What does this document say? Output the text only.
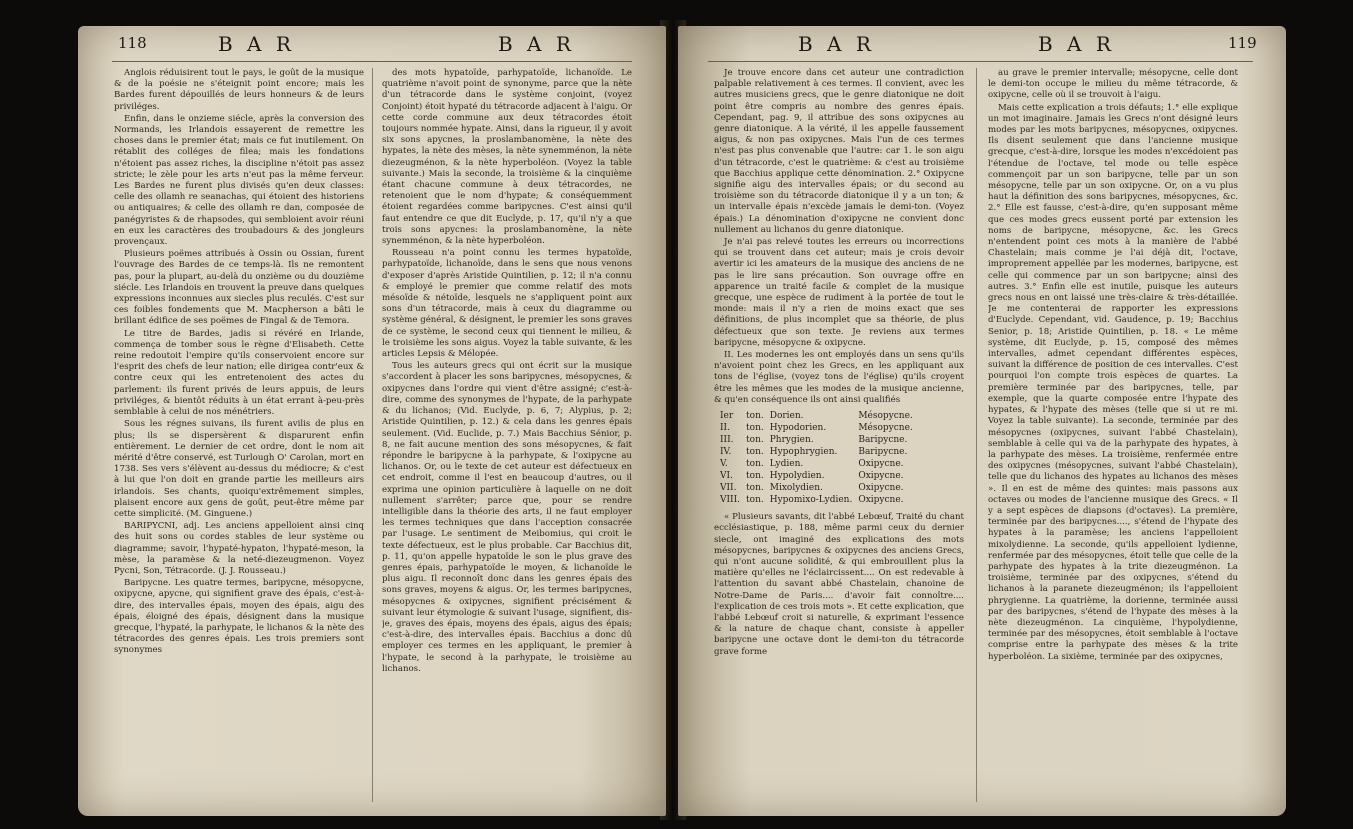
118	B A R	B A R

Anglois réduisirent tout le pays, le goût de la musique & de la poésie ne s'éteignit point encore; mais les Bardes furent dépouillés de leurs honneurs & de leurs priviléges.

Enfin, dans le onzieme siécle, après la conversion des Normands, les Irlandois essayerent de remettre les choses dans le premier état; mais ce fut inutilement. On rétablit des colléges de filea; mais les fondations n'étoient pas assez riches, la discipline n'étoit pas assez stricte; le zèle pour les arts n'eut pas la même ferveur. Les Bardes ne furent plus divisés qu'en deux classes: celle des ollamh re seanachas, qui étoient des historiens ou antiquaires; & celle des ollamh re dan, composée de panégyristes & de rhapsodes, qui sembloient avoir réuni en eux les caractères des troubadours & des jongleurs provençaux.

Plusieurs poëmes attribués à Ossin ou Ossian, furent l'ouvrage des Bardes de ce temps-là. Ils ne remontent pas, pour la plupart, au-delà du onzième ou du douzième siécle. Les Irlandois en trouvent la preuve dans quelques expressions inconnues aux siecles plus reculés. C'est sur ces foibles fondements que M. Macpherson a bâti le brillant édifice de ses poëmes de Fingal & de Temora.

Le titre de Bardes, jadis si révéré en Irlande, commença de tomber sous le règne d'Elisabeth. Cette reine redoutoit l'empire qu'ils conservoient encore sur l'esprit des chefs de leur nation; elle dirigea contr'eux & contre ceux qui les entretenoient des actes du parlement: ils furent privés de leurs appuis, de leurs priviléges, & bientôt réduits à un état errant à-peu-près semblable à celui de nos ménétriers.

Sous les régnes suivans, ils furent avilis de plus en plus; ils se dispersèrent & disparurent enfin entièrement. Le dernier de cet ordre, dont le nom ait mérité d'être conservé, est Turlough O' Carolan, mort en 1738. Ses vers s'élèvent au-dessus du médiocre; & c'est à lui que l'on doit en grande partie les meilleurs airs irlandois. Ses chants, quoiqu'extrêmement simples, plaisent encore aux gens de goût, peut-être même par cette simplicité. (M. Ginguene.)

BARIPYCNI, adj. Les anciens appelloient ainsi cinq des huit sons ou cordes stables de leur système ou diagramme; savoir, l'hypaté-hypaton, l'hypaté-meson, la mèse, la paramèse & la neté-diezeugmenon. Voyez Pycni, Son, Tétracorde. (J. J. Rousseau.)

Baripycne. Les quatre termes, baripycne, mésopycne, oxipycne, apycne, qui signifient grave des épais, c'est-à-dire, des intervalles épais, moyen des épais, aigu des épais, éloigné des épais, désignent dans la musique grecque, l'hypaté, la parhypate, le lichanos & la nète des tétracordes des genres épais. Les trois premiers sont synonymes

des mots hypatoïde, parhypatoïde, lichanoïde. Le quatrième n'avoit point de synonyme, parce que la nète d'un tétracorde dans le système conjoint, (voyez Conjoint) étoit hypaté du tétracorde adjacent à l'aigu. Or cette corde commune aux deux tétracordes étoit toujours nommée hypate. Ainsi, dans la rigueur, il y avoit six sons apycnes, la proslambanomène, la nète des hypates, la nète des mèses, la nète synemménon, la nète diezeugménon, & la nète hyperboléon. (Voyez la table suivante.) Mais la seconde, la troisième & la cinquième étant chacune commune à deux tétracordes, ne retenoient que le nom d'hypate; & conséquemment étoient regardées comme baripycnes. C'est ainsi qu'il faut entendre ce que dit Euclyde, p. 17, qu'il n'y a que trois sons apycnes: la proslambanomène, la nète synemménon, & la nète hyperboléon.

Rousseau n'a point connu les termes hypatoïde, parhypatoïde, lichanoïde, dans le sens que nous venons d'exposer d'après Aristide Quintilien, p. 12; il n'a connu & employé le premier que comme relatif des mots mésoïde & nétoïde, lesquels ne s'appliquent point aux sons d'un tétracorde, mais à ceux du diagramme ou système général, & désignent, le premier les sons graves de ce système, le second ceux qui tiennent le milieu, & le troisième les sons aigus. Voyez la table suivante, & les articles Lepsis & Mélopée.

Tous les auteurs grecs qui ont écrit sur la musique s'accordent à placer les sons baripycnes, mésopycnes, & oxipycnes dans l'ordre qui vient d'être assigné; c'est-à-dire, comme des synonymes de l'hypate, de la parhypate & du lichanos; (Vid. Euclyde, p. 6, 7; Alypius, p. 2; Aristide Quintilien, p. 12.) & cela dans les genres épais seulement. (Vid. Euclide, p. 7.) Mais Bacchius Sénior, p. 8, ne fait aucune mention des sons mésopycnes, & fait répondre le baripycne à la parhypate, & l'oxipycne au lichanos. Or, ou le texte de cet auteur est défectueux en cet endroit, comme il l'est en beaucoup d'autres, ou il exprima une opinion particulière à laquelle on ne doit nullement s'arrêter; parce que, pour se rendre intelligible dans la théorie des arts, il ne faut employer les termes techniques que dans l'acception consacrée par l'usage. Le sentiment de Meibomius, qui croit le texte défectueux, est le plus probable. Car Bacchius dit, p. 11, qu'on appelle hypatoïde le son le plus grave des genres épais, parhypatoïde le moyen, & lichanoïde le plus aigu. Il reconnoît donc dans les genres épais des sons graves, moyens & aigus. Or, les termes baripycnes, mésopycnes & oxipycnes, signifient précisément & suivant leur étymologie & suivant l'usage, signifient, dis-je, graves des épais, moyens des épais, aigus des épais; c'est-à-dire, des intervalles épais. Bacchius a donc dû employer ces termes en les appliquant, le premier à l'hypate, le second à la parhypate, le troisième au lichanos.

B A R	B A R	119

Je trouve encore dans cet auteur une contradiction palpable relativement à ces termes. Il convient, avec les autres musiciens grecs, que le genre diatonique ne doit point être compris au nombre des genres épais. Cependant, pag. 9, il attribue des sons oxipycnes au genre diatonique. A la vérité, il les appelle faussement aigus, & non pas oxipycnes. Mais l'un de ces termes n'est pas plus convenable que l'autre: car 1. le son aigu d'un tétracorde, c'est le quatrième: & c'est au troisième que Bacchius applique cette dénomination. 2.° Oxipycne signifie aigu des intervalles épais; or du second au troisième son du tétracorde diatonique il y a un ton; & un intervalle épais n'excède jamais le demi-ton. (Voyez épais.) La dénomination d'oxipycne ne convient donc nullement au lichanos du genre diatonique.

Je n'ai pas relevé toutes les erreurs ou incorrections qui se trouvent dans cet auteur; mais je crois devoir avertir ici les amateurs de la musique des anciens de ne pas le lire sans précaution. Son ouvrage offre en apparence un traité facile & complet de la musique grecque, une espèce de rudiment à la portée de tout le monde: mais il n'y a rien de moins exact que ses définitions, de plus incomplet que sa théorie, de plus défectueux que son texte. Je reviens aux termes baripycne, mésopycne & oxipycne.

II. Les modernes les ont employés dans un sens qu'ils n'avoient point chez les Grecs, en les appliquant aux tons de l'église, (voyez tons de l'église) qu'ils croyent être les mêmes que les modes de la musique ancienne, & qu'en conséquence ils ont ainsi qualifiés

Ier	ton.	Dorien.	Mésopycne.
II.	ton.	Hypodorien.	Mésopycne.
III.	ton.	Phrygien.	Baripycne.
IV.	ton.	Hypophrygien.	Baripycne.
V.	ton.	Lydien.	Oxipycne.
VI.	ton.	Hypolydien.	Oxipycne.
VII.	ton.	Mixolydien.	Oxipycne.
VIII.	ton.	Hypomixo-Lydien.	Oxipycne.

« Plusieurs savants, dit l'abbé Lebœuf, Traité du chant ecclésiastique, p. 188, même parmi ceux du dernier siecle, ont imaginé des explications des mots mésopycnes, baripycnes & oxipycnes des anciens Grecs, qui n'ont aucune solidité, & qui embrouillent plus la matière qu'elles ne l'éclaircissent.... On est redevable à l'attention du savant abbé Chastelain, chanoine de Notre-Dame de Paris.... d'avoir fait connoître.... l'explication de ces trois mots ». Et cette explication, que l'abbé Lebœuf croit si naturelle, & exprimant l'essence & la nature de chaque chant, consiste à appeller baripycne une octave dont le demi-ton du tétracorde grave forme

au grave le premier intervalle; mésopycne, celle dont le demi-ton occupe le milieu du même tétracorde, & oxipycne, celle où il se trouvoit à l'aigu.

Mais cette explication a trois défauts; 1.° elle explique un mot imaginaire. Jamais les Grecs n'ont désigné leurs modes par les mots baripycnes, mésopycnes, oxipycnes. Ils disent seulement que dans l'ancienne musique grecque, c'est-à-dire, lorsque les modes n'excédoient pas l'étendue de l'octave, tel mode ou telle espèce commençoit par un son baripycne, telle par un son mésopycne, telle par un son oxipycne. Or, on a vu plus haut la définition des sons baripycnes, mésopycnes, &c. 2.° Elle est fausse, c'est-à-dire, qu'en supposant même que ces modes grecs eussent porté par extension les noms de baripycne, mésopycne, &c. les Grecs n'entendent point ces mots à la manière de l'abbé Chastelain; mais comme je l'ai déjà dit, l'octave, improprement appellée par les modernes, baripycne, est celle qui commence par un son baripycne; ainsi des autres. 3.° Enfin elle est inutile, puisque les auteurs grecs nous en ont laissé une très-claire & très-détaillée. Je me contenterai de rapporter les expressions d'Euclyde. Cependant, vid. Gaudence, p. 19; Bacchius Senior, p. 18; Aristide Quintilien, p. 18. « Le même système, dit Euclyde, p. 15, composé des mêmes intervalles, admet cependant différentes espèces, suivant la différence de position de ces intervalles. C'est pourquoi l'on compte trois espèces de quartes. La première terminée par des baripycnes, telle, par exemple, que la quarte composée entre l'hypate des hypates, & l'hypate des mèses (telle que si ut re mi. Voyez la table suivante). La seconde, terminée par des mésopycnes (oxipycnes, suivant l'abbé Chastelain), semblable à celle qui va de la parhypate des hypates, à la parhypate des mèses. La troisième, renfermée entre des oxipycnes (mésopycnes, suivant l'abbé Chastelain), telle que du lichanos des hypates au lichanos des mèses ». Il en est de même des quintes: mais passons aux octaves ou modes de l'ancienne musique des Grecs. « Il y a sept espèces de diapsons (d'octaves). La première, terminée par des baripycnes...., s'étend de l'hypate des hypates à la paramèse; les anciens l'appelloient mixolydienne. La seconde, qu'ils appelloient lydienne, renfermée par des mésopycnes, étoit telle que celle de la parhypate des hypates à la trite diezeugménon. La troisième, terminée par des oxipycnes, s'étend du lichanos à la paranete diezeugménon; ils l'appelloient phrygienne. La quatrième, la dorienne, terminée aussi par des baripycnes, s'étend de l'hypate des mèses à la nète diezeugménon. La cinquième, l'hypolydienne, terminée par des mésopycnes, étoit semblable à l'octave comprise entre la parhypate des mèses & la trite hyperboléon. La sixième, terminée par des oxipycnes,
